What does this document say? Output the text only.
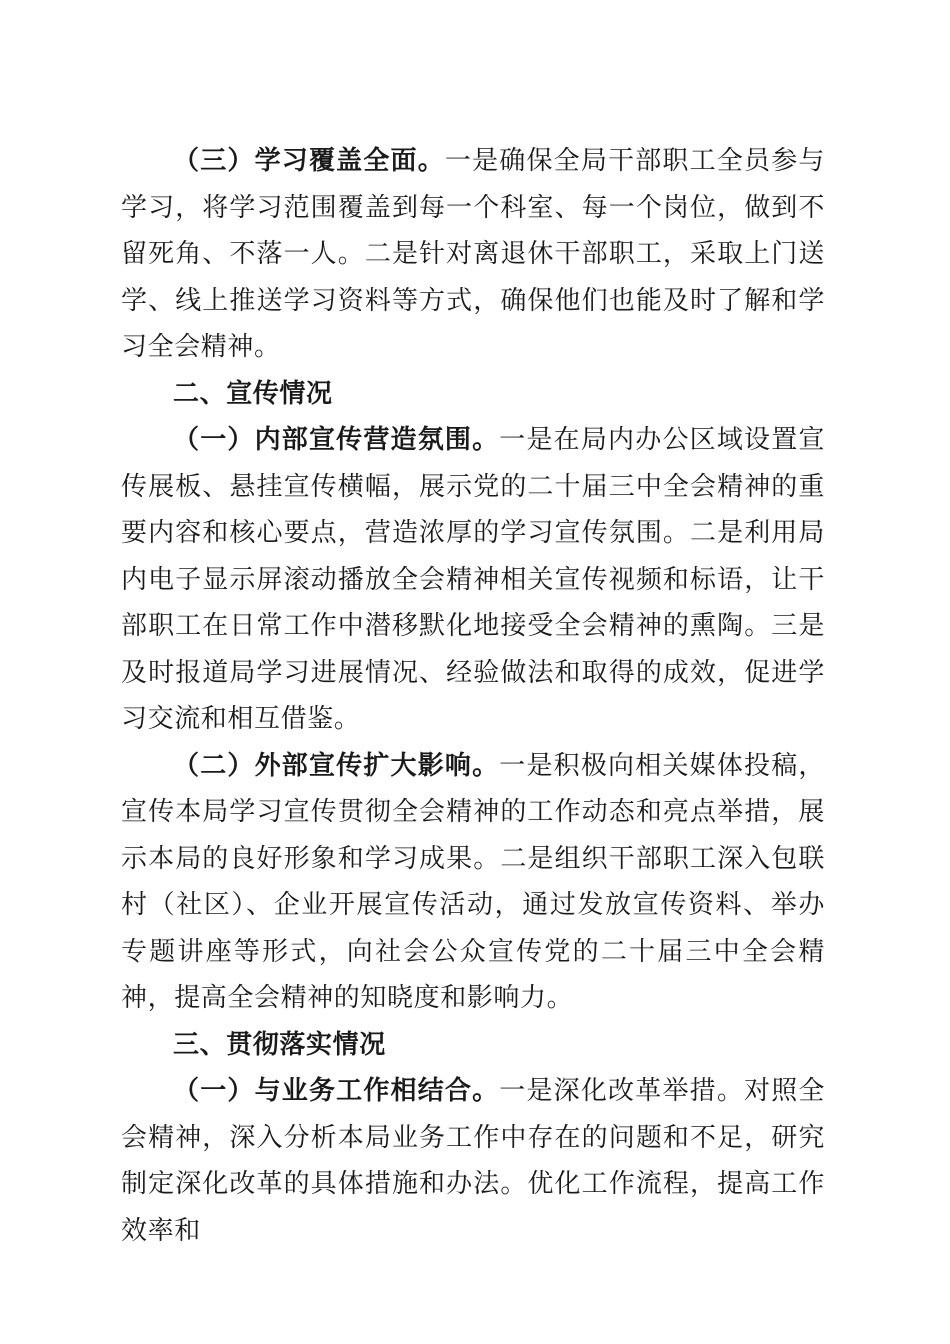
（三）学习覆盖全面。一是确保全局干部职工全员参与学习，将学习范围覆盖到每一个科室、每一个岗位，做到不留死角、不落一人。二是针对离退休干部职工，采取上门送学、线上推送学习资料等方式，确保他们也能及时了解和学习全会精神。

二、宣传情况

（一）内部宣传营造氛围。一是在局内办公区域设置宣传展板、悬挂宣传横幅，展示党的二十届三中全会精神的重要内容和核心要点，营造浓厚的学习宣传氛围。二是利用局内电子显示屏滚动播放全会精神相关宣传视频和标语，让干部职工在日常工作中潜移默化地接受全会精神的熏陶。三是及时报道局学习进展情况、经验做法和取得的成效，促进学习交流和相互借鉴。

（二）外部宣传扩大影响。一是积极向相关媒体投稿，宣传本局学习宣传贯彻全会精神的工作动态和亮点举措，展示本局的良好形象和学习成果。二是组织干部职工深入包联村（社区）、企业开展宣传活动，通过发放宣传资料、举办专题讲座等形式，向社会公众宣传党的二十届三中全会精神，提高全会精神的知晓度和影响力。

三、贯彻落实情况

（一）与业务工作相结合。一是深化改革举措。对照全会精神，深入分析本局业务工作中存在的问题和不足，研究制定深化改革的具体措施和办法。优化工作流程，提高工作效率和
